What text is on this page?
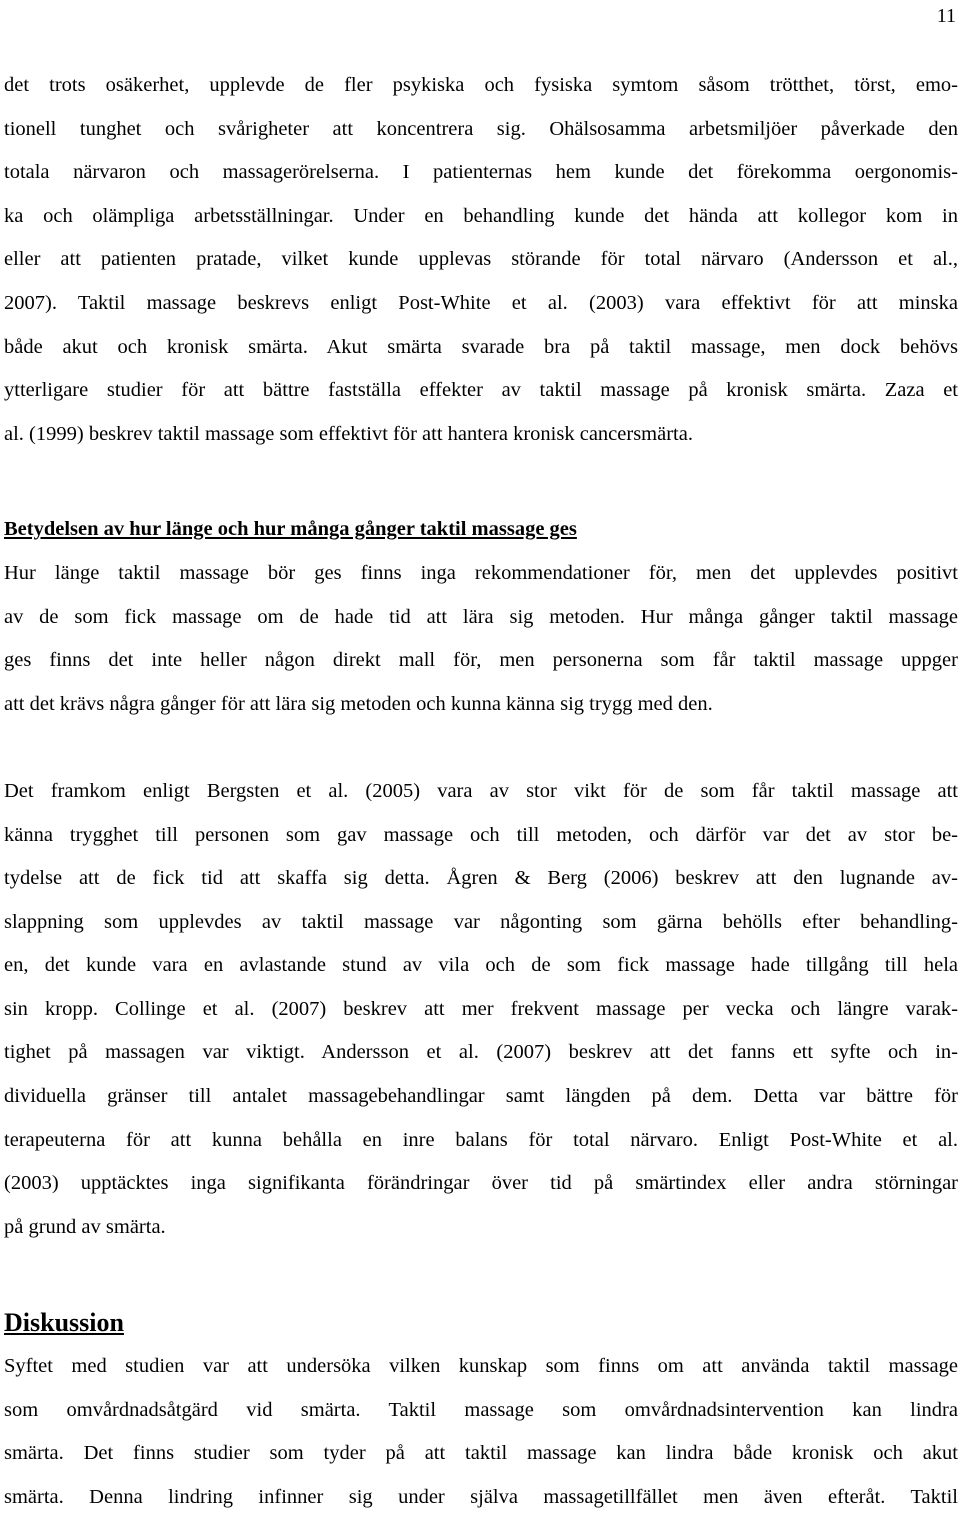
11

det trots osäkerhet, upplevde de fler psykiska och fysiska symtom såsom trötthet, törst, emo-
tionell tunghet och svårigheter att koncentrera sig. Ohälsosamma arbetsmiljöer påverkade den
totala närvaron och massagerörelserna. I patienternas hem kunde det förekomma oergonomis-
ka och olämpliga arbetsställningar. Under en behandling kunde det hända att kollegor kom in
eller att patienten pratade, vilket kunde upplevas störande för total närvaro (Andersson et al.,
2007). Taktil massage beskrevs enligt Post-White et al. (2003) vara effektivt för att minska
både akut och kronisk smärta. Akut smärta svarade bra på taktil massage, men dock behövs
ytterligare studier för att bättre fastställa effekter av taktil massage på kronisk smärta. Zaza et
al. (1999) beskrev taktil massage som effektivt för att hantera kronisk cancersmärta.

Betydelsen av hur länge och hur många gånger taktil massage ges

Hur länge taktil massage bör ges finns inga rekommendationer för, men det upplevdes positivt
av de som fick massage om de hade tid att lära sig metoden. Hur många gånger taktil massage
ges finns det inte heller någon direkt mall för, men personerna som får taktil massage uppger
att det krävs några gånger för att lära sig metoden och kunna känna sig trygg med den.

Det framkom enligt Bergsten et al. (2005) vara av stor vikt för de som får taktil massage att
känna trygghet till personen som gav massage och till metoden, och därför var det av stor be-
tydelse att de fick tid att skaffa sig detta. Ågren & Berg (2006) beskrev att den lugnande av-
slappning som upplevdes av taktil massage var någonting som gärna behölls efter behandling-
en, det kunde vara en avlastande stund av vila och de som fick massage hade tillgång till hela
sin kropp. Collinge et al. (2007) beskrev att mer frekvent massage per vecka och längre varak-
tighet på massagen var viktigt. Andersson et al. (2007) beskrev att det fanns ett syfte och in-
dividuella gränser till antalet massagebehandlingar samt längden på dem. Detta var bättre för
terapeuterna för att kunna behålla en inre balans för total närvaro. Enligt Post-White et al.
(2003) upptäcktes inga signifikanta förändringar över tid på smärtindex eller andra störningar
på grund av smärta.

Diskussion

Syftet med studien var att undersöka vilken kunskap som finns om att använda taktil massage
som omvårdnadsåtgärd vid smärta. Taktil massage som omvårdnadsintervention kan lindra
smärta. Det finns studier som tyder på att taktil massage kan lindra både kronisk och akut
smärta. Denna lindring infinner sig under själva massagetillfället men även efteråt. Taktil
